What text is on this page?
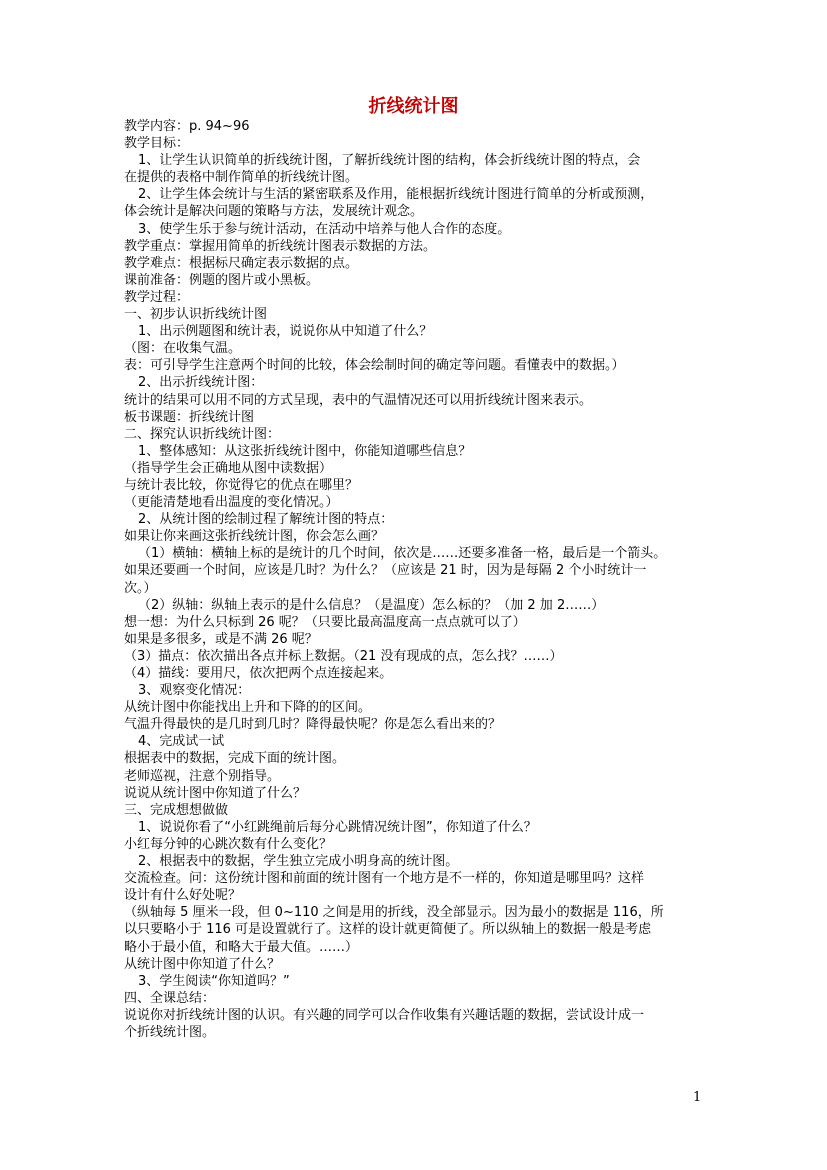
折线统计图
教学内容：p. 94~96
教学目标：
1、让学生认识简单的折线统计图，了解折线统计图的结构，体会折线统计图的特点，会
在提供的表格中制作简单的折线统计图。
2、让学生体会统计与生活的紧密联系及作用，能根据折线统计图进行简单的分析或预测，
体会统计是解决问题的策略与方法，发展统计观念。
3、使学生乐于参与统计活动，在活动中培养与他人合作的态度。
教学重点：掌握用简单的折线统计图表示数据的方法。
教学难点：根据标尺确定表示数据的点。
课前准备：例题的图片或小黑板。
教学过程：
一、初步认识折线统计图
1、出示例题图和统计表，说说你从中知道了什么？
（图：在收集气温。
表：可引导学生注意两个时间的比较，体会绘制时间的确定等问题。看懂表中的数据。）
2、出示折线统计图：
统计的结果可以用不同的方式呈现，表中的气温情况还可以用折线统计图来表示。
板书课题：折线统计图
二、探究认识折线统计图：
1、整体感知：从这张折线统计图中，你能知道哪些信息？
（指导学生会正确地从图中读数据）
与统计表比较，你觉得它的优点在哪里？
（更能清楚地看出温度的变化情况。）
2、从统计图的绘制过程了解统计图的特点：
如果让你来画这张折线统计图，你会怎么画？
（1）横轴：横轴上标的是统计的几个时间，依次是……还要多准备一格，最后是一个箭头。
如果还要画一个时间，应该是几时？为什么？（应该是 21 时，因为是每隔 2 个小时统计一
次。）
（2）纵轴：纵轴上表示的是什么信息？（是温度）怎么标的？（加 2 加 2……）
想一想：为什么只标到 26 呢？（只要比最高温度高一点点就可以了）
如果是多很多，或是不满 26 呢？
（3）描点：依次描出各点并标上数据。（21 没有现成的点，怎么找？……）
（4）描线：要用尺，依次把两个点连接起来。
3、观察变化情况：
从统计图中你能找出上升和下降的的区间。
气温升得最快的是几时到几时？降得最快呢？你是怎么看出来的？
4、完成试一试
根据表中的数据，完成下面的统计图。
老师巡视，注意个别指导。
说说从统计图中你知道了什么？
三、完成想想做做
1、说说你看了“小红跳绳前后每分心跳情况统计图”，你知道了什么？
小红每分钟的心跳次数有什么变化？
2、根据表中的数据，学生独立完成小明身高的统计图。
交流检查。问：这份统计图和前面的统计图有一个地方是不一样的，你知道是哪里吗？这样
设计有什么好处呢？
（纵轴每 5 厘米一段，但 0~110 之间是用的折线，没全部显示。因为最小的数据是 116，所
以只要略小于 116 可是设置就行了。这样的设计就更简便了。所以纵轴上的数据一般是考虑
略小于最小值，和略大于最大值。……）
从统计图中你知道了什么？
3、学生阅读“你知道吗？”
四、全课总结：
说说你对折线统计图的认识。有兴趣的同学可以合作收集有兴趣话题的数据，尝试设计成一
个折线统计图。
1
